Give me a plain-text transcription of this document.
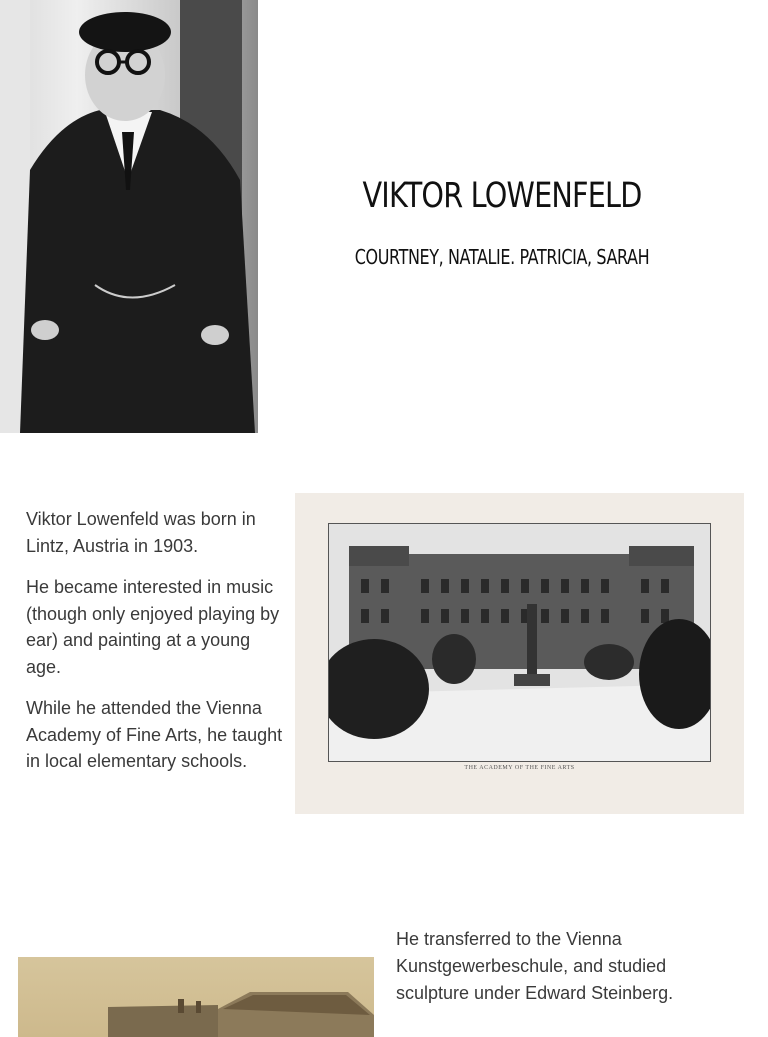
VIKTOR LOWENFELD
COURTNEY, NATALIE. PATRICIA, SARAH

Viktor Lowenfeld was born in Lintz, Austria in 1903.

He became interested in music (though only enjoyed playing by ear) and painting at a young age.

While he attended the Vienna Academy of Fine Arts, he taught in local elementary schools.	THE ACADEMY OF THE FINE ARTS
He transferred to the Vienna Kunstgewerbeschule, and studied sculpture under Edward Steinberg.
